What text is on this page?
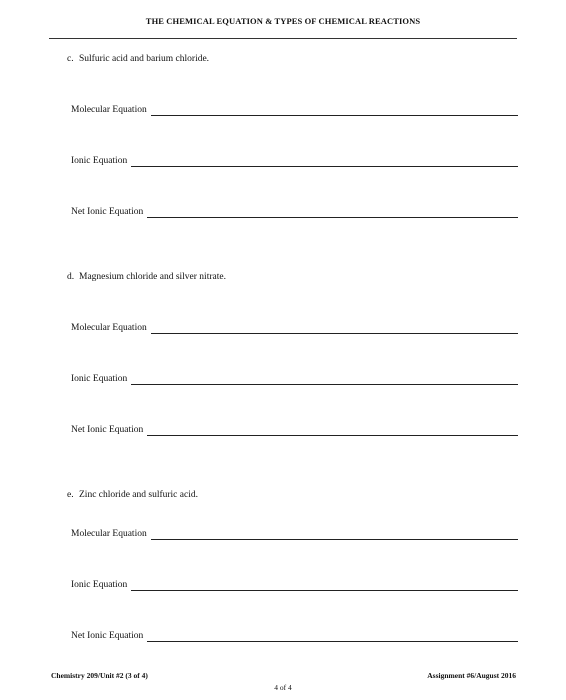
THE CHEMICAL EQUATION & TYPES OF CHEMICAL REACTIONS
c. Sulfuric acid and barium chloride.
Molecular Equation
Ionic Equation
Net Ionic Equation
d. Magnesium chloride and silver nitrate.
Molecular Equation
Ionic Equation
Net Ionic Equation
e. Zinc chloride and sulfuric acid.
Molecular Equation
Ionic Equation
Net Ionic Equation
Chemistry 209/Unit #2 (3 of 4)	Assignment #6/August 2016
4 of 4
